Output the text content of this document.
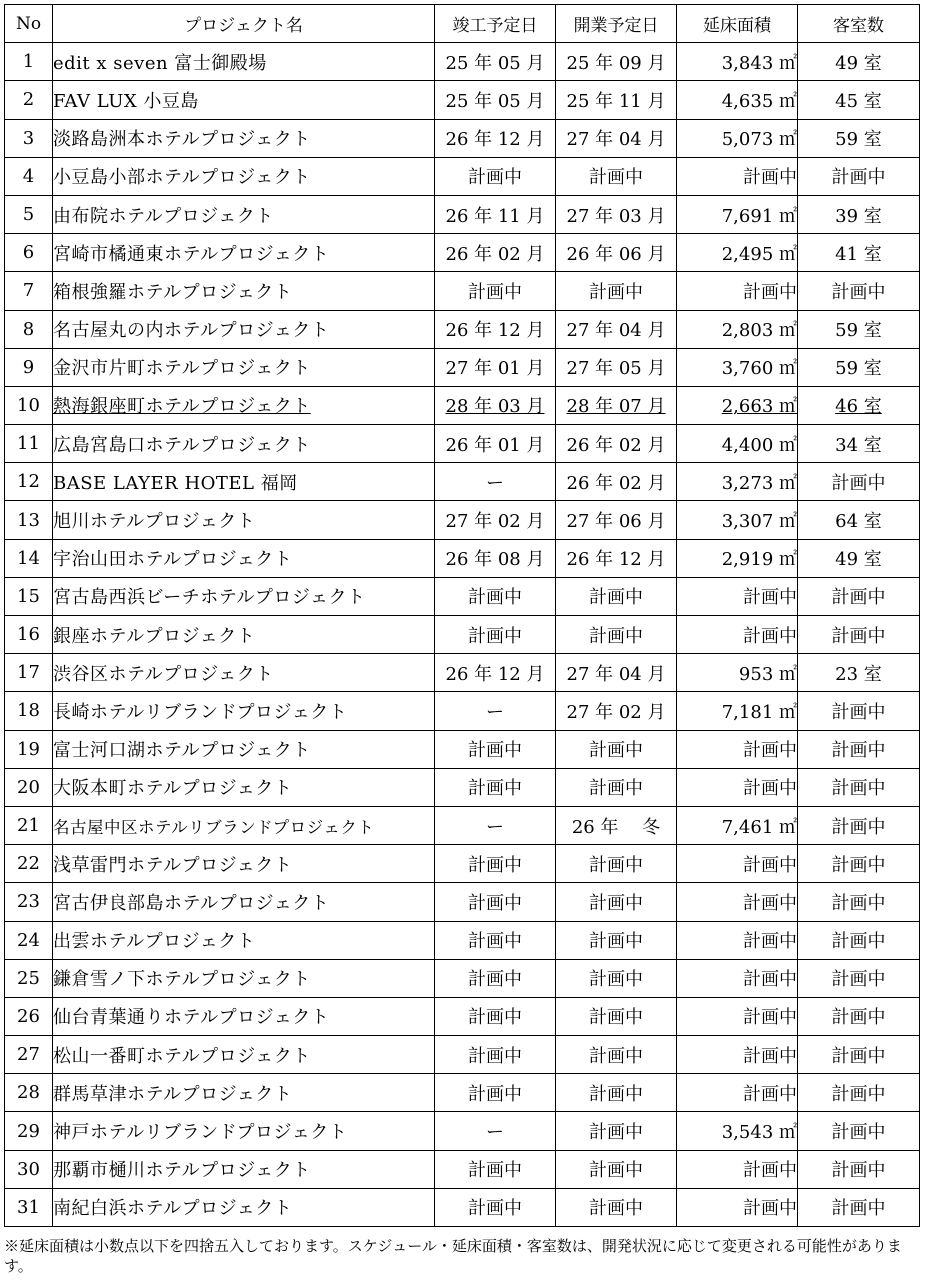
No	プロジェクト名	竣工予定日	開業予定日	延床面積	客室数
1	edit x seven 富士御殿場	25 年 05 月	25 年 09 月	3,843 ㎡	49 室
2	FAV LUX 小豆島	25 年 05 月	25 年 11 月	4,635 ㎡	45 室
3	淡路島洲本ホテルプロジェクト	26 年 12 月	27 年 04 月	5,073 ㎡	59 室
4	小豆島小部ホテルプロジェクト	計画中	計画中	計画中	計画中
5	由布院ホテルプロジェクト	26 年 11 月	27 年 03 月	7,691 ㎡	39 室
6	宮崎市橘通東ホテルプロジェクト	26 年 02 月	26 年 06 月	2,495 ㎡	41 室
7	箱根強羅ホテルプロジェクト	計画中	計画中	計画中	計画中
8	名古屋丸の内ホテルプロジェクト	26 年 12 月	27 年 04 月	2,803 ㎡	59 室
9	金沢市片町ホテルプロジェクト	27 年 01 月	27 年 05 月	3,760 ㎡	59 室
10	熱海銀座町ホテルプロジェクト	28 年 03 月	28 年 07 月	2,663 ㎡	46 室
11	広島宮島口ホテルプロジェクト	26 年 01 月	26 年 02 月	4,400 ㎡	34 室
12	BASE LAYER HOTEL 福岡	ー	26 年 02 月	3,273 ㎡	計画中
13	旭川ホテルプロジェクト	27 年 02 月	27 年 06 月	3,307 ㎡	64 室
14	宇治山田ホテルプロジェクト	26 年 08 月	26 年 12 月	2,919 ㎡	49 室
15	宮古島西浜ビーチホテルプロジェクト	計画中	計画中	計画中	計画中
16	銀座ホテルプロジェクト	計画中	計画中	計画中	計画中
17	渋谷区ホテルプロジェクト	26 年 12 月	27 年 04 月	953 ㎡	23 室
18	長崎ホテルリブランドプロジェクト	ー	27 年 02 月	7,181 ㎡	計画中
19	富士河口湖ホテルプロジェクト	計画中	計画中	計画中	計画中
20	大阪本町ホテルプロジェクト	計画中	計画中	計画中	計画中
21	名古屋中区ホテルリブランドプロジェクト	ー	26 年　 冬	7,461 ㎡	計画中
22	浅草雷門ホテルプロジェクト	計画中	計画中	計画中	計画中
23	宮古伊良部島ホテルプロジェクト	計画中	計画中	計画中	計画中
24	出雲ホテルプロジェクト	計画中	計画中	計画中	計画中
25	鎌倉雪ノ下ホテルプロジェクト	計画中	計画中	計画中	計画中
26	仙台青葉通りホテルプロジェクト	計画中	計画中	計画中	計画中
27	松山一番町ホテルプロジェクト	計画中	計画中	計画中	計画中
28	群馬草津ホテルプロジェクト	計画中	計画中	計画中	計画中
29	神戸ホテルリブランドプロジェクト	ー	計画中	3,543 ㎡	計画中
30	那覇市樋川ホテルプロジェクト	計画中	計画中	計画中	計画中
31	南紀白浜ホテルプロジェクト	計画中	計画中	計画中	計画中
※延床面積は小数点以下を四捨五入しております。スケジュール・延床面積・客室数は、開発状況に応じて変更される可能性があります。
